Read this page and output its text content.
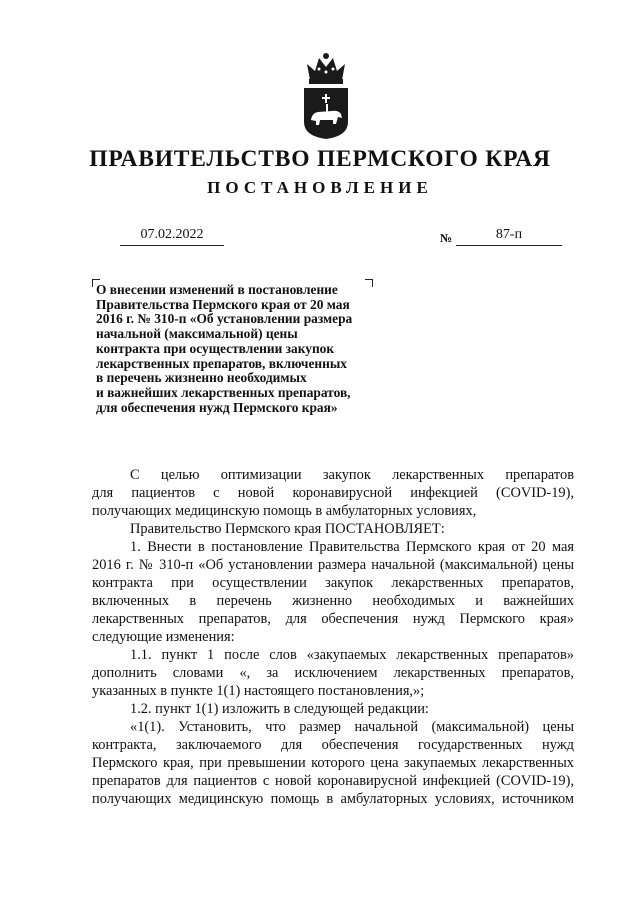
ПРАВИТЕЛЬСТВО ПЕРМСКОГО КРАЯ
ПОСТАНОВЛЕНИЕ
07.02.2022	№	87-п
О внесении изменений в постановление
Правительства Пермского края от 20 мая
2016 г. № 310-п «Об установлении размера
начальной (максимальной) цены
контракта при осуществлении закупок
лекарственных препаратов, включенных
в перечень жизненно необходимых
и важнейших лекарственных препаратов,
для обеспечения нужд Пермского края»
С целью оптимизации закупок лекарственных препаратов
для пациентов с новой коронавирусной инфекцией (COVID-19),
получающих медицинскую помощь в амбулаторных условиях,
Правительство Пермского края ПОСТАНОВЛЯЕТ:
1. Внести в постановление Правительства Пермского края от 20 мая
2016 г. № 310-п «Об установлении размера начальной (максимальной) цены
контракта при осуществлении закупок лекарственных препаратов,
включенных в перечень жизненно необходимых и важнейших
лекарственных препаратов, для обеспечения нужд Пермского края»
следующие изменения:
1.1. пункт 1 после слов «закупаемых лекарственных препаратов»
дополнить словами «, за исключением лекарственных препаратов,
указанных в пункте 1(1) настоящего постановления,»;
1.2. пункт 1(1) изложить в следующей редакции:
«1(1). Установить, что размер начальной (максимальной) цены
контракта, заключаемого для обеспечения государственных нужд
Пермского края, при превышении которого цена закупаемых лекарственных
препаратов для пациентов с новой коронавирусной инфекцией (COVID-19),
получающих медицинскую помощь в амбулаторных условиях, источником
